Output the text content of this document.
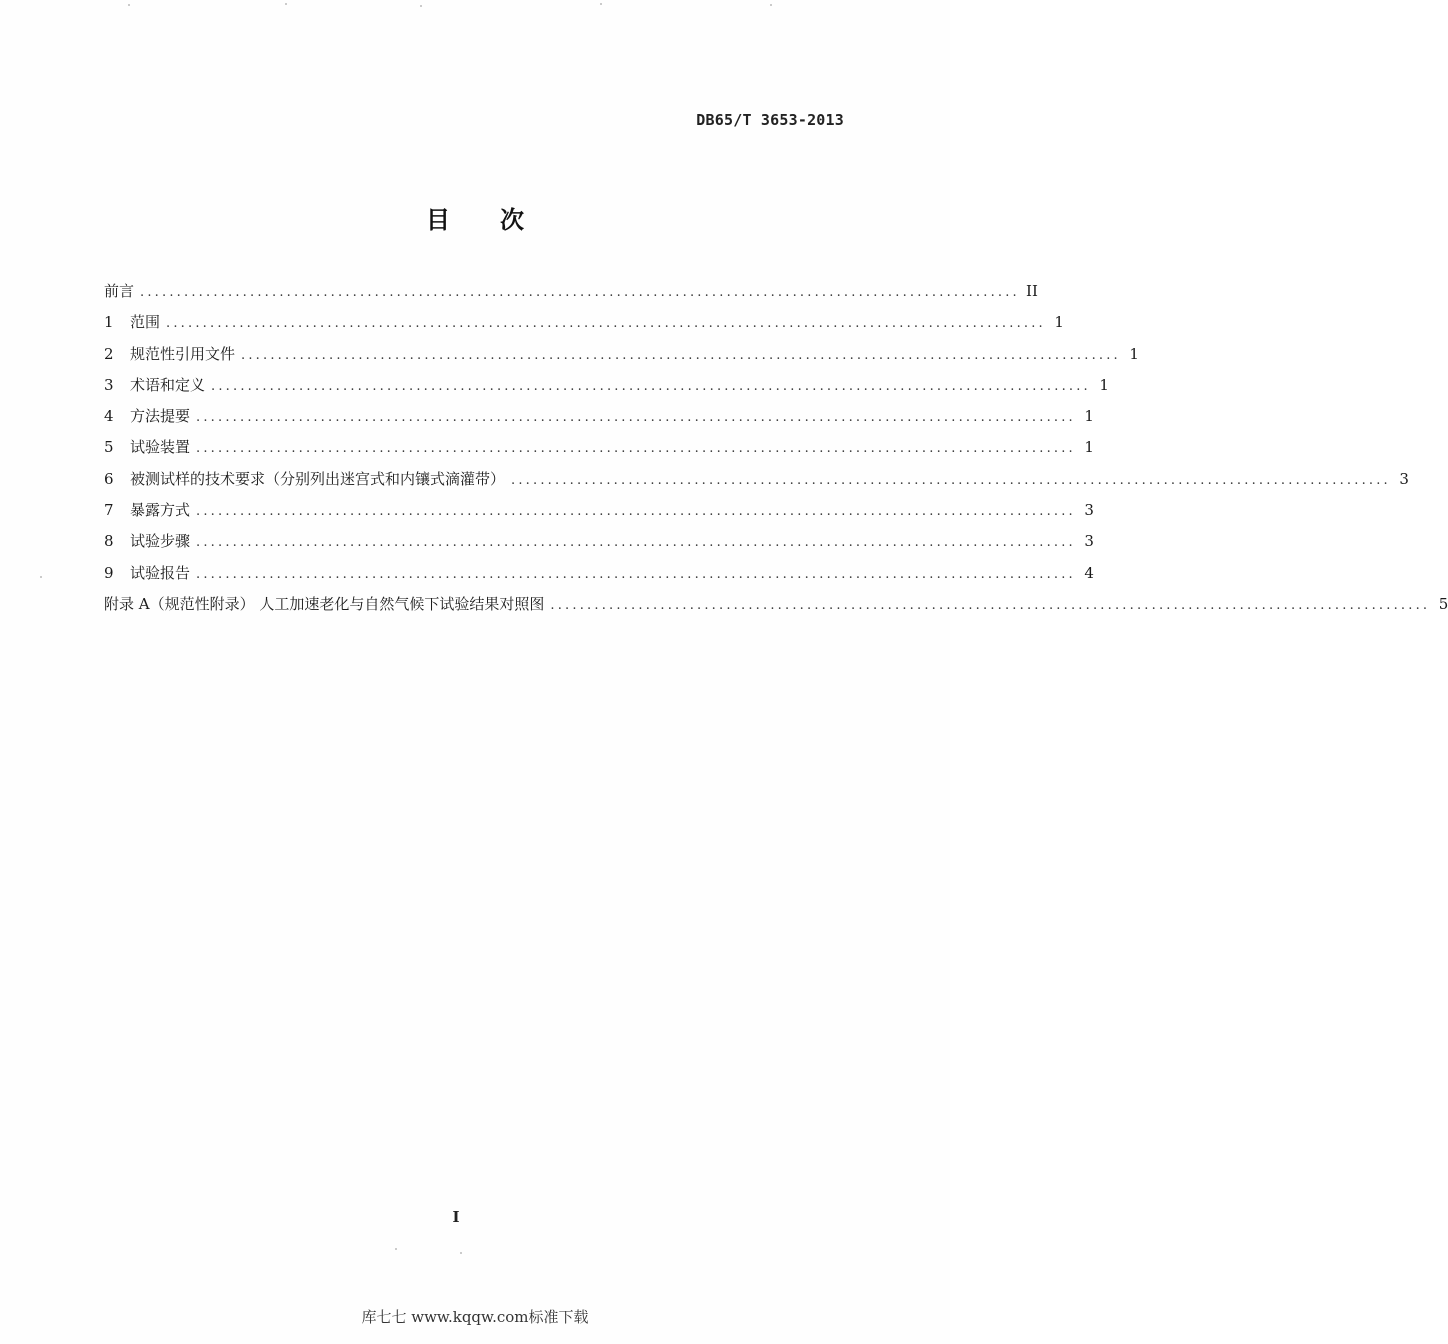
DB65/T 3653-2013
目次
前言 ........................................................................................................................ II
1	范围 ........................................................................................................................ 1
2	规范性引用文件 ........................................................................................................................ 1
3	术语和定义 ........................................................................................................................ 1
4	方法提要 ........................................................................................................................ 1
5	试验装置 ........................................................................................................................ 1
6	被测试样的技术要求（分别列出迷宫式和内镶式滴灌带） ........................................................................................................................ 3
7	暴露方式 ........................................................................................................................ 3
8	试验步骤 ........................................................................................................................ 3
9	试验报告 ........................................................................................................................ 4
附录 A（规范性附录） 人工加速老化与自然气候下试验结果对照图 ........................................................................................................................ 5
I
库七七 www.kqqw.com标准下载
